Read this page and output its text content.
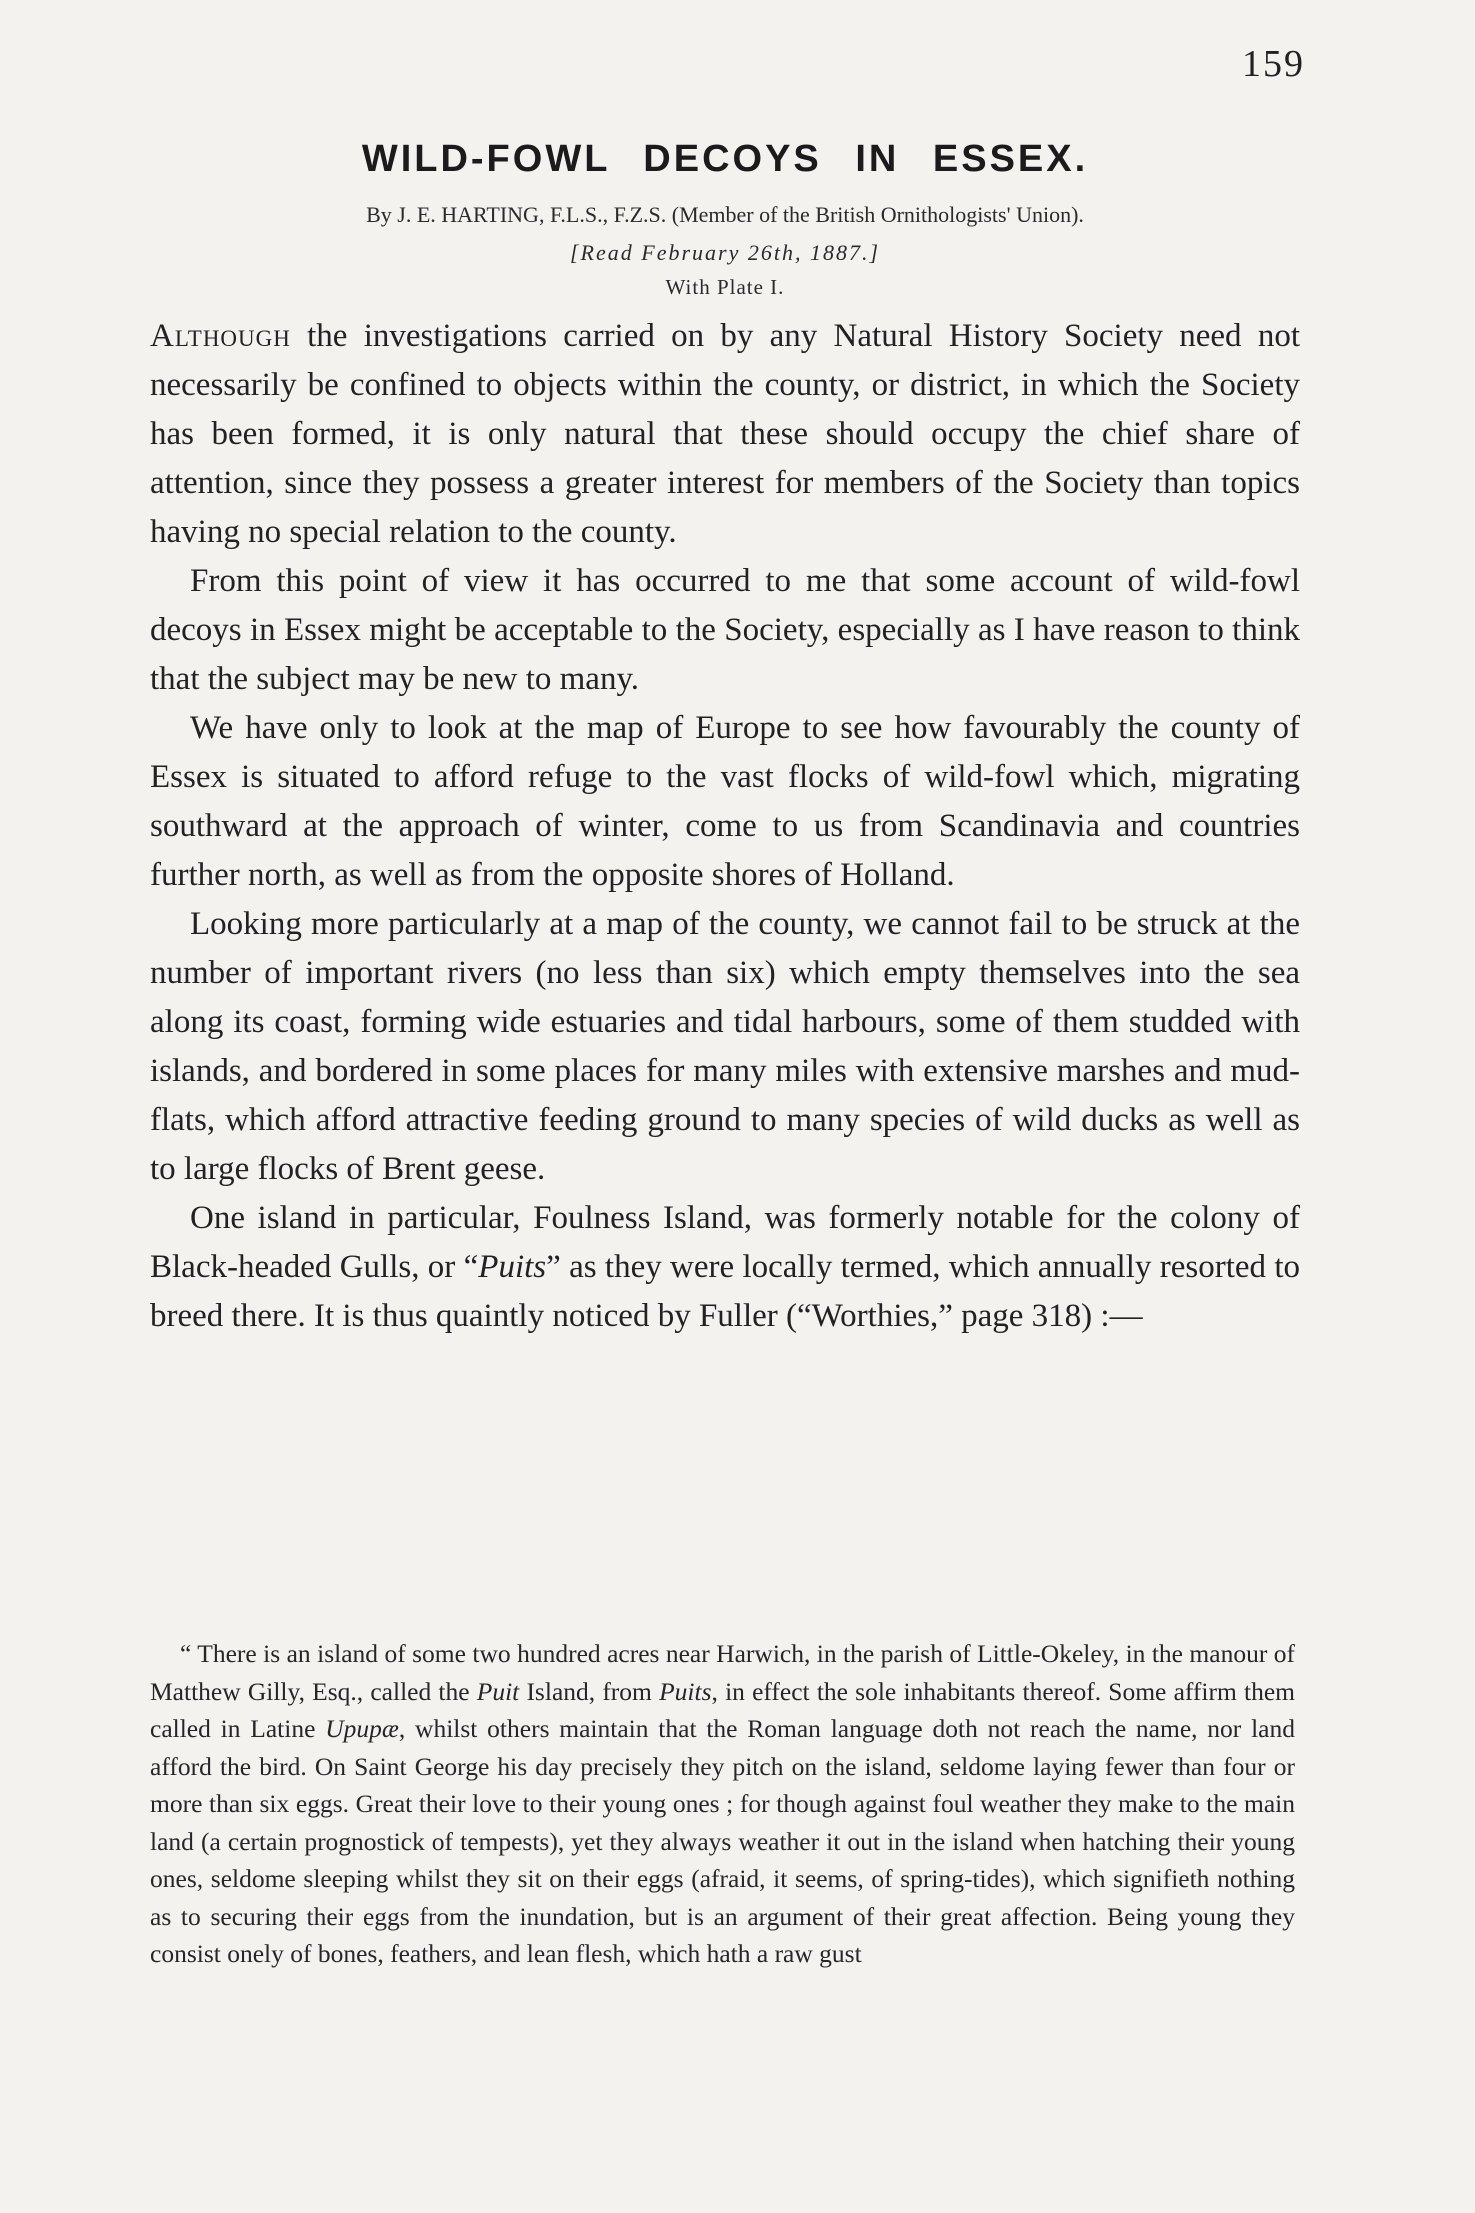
159
WILD-FOWL DECOYS IN ESSEX.
By J. E. HARTING, F.L.S., F.Z.S. (Member of the British Ornithologists' Union).
[Read February 26th, 1887.]
With Plate I.

Although the investigations carried on by any Natural History Society need not necessarily be confined to objects within the county, or district, in which the Society has been formed, it is only natural that these should occupy the chief share of attention, since they possess a greater interest for members of the Society than topics having no special relation to the county.

From this point of view it has occurred to me that some account of wild-fowl decoys in Essex might be acceptable to the Society, especially as I have reason to think that the subject may be new to many.

We have only to look at the map of Europe to see how favourably the county of Essex is situated to afford refuge to the vast flocks of wild-fowl which, migrating southward at the approach of winter, come to us from Scandinavia and countries further north, as well as from the opposite shores of Holland.

Looking more particularly at a map of the county, we cannot fail to be struck at the number of important rivers (no less than six) which empty themselves into the sea along its coast, forming wide estuaries and tidal harbours, some of them studded with islands, and bordered in some places for many miles with extensive marshes and mud-flats, which afford attractive feeding ground to many species of wild ducks as well as to large flocks of Brent geese.

One island in particular, Foulness Island, was formerly notable for the colony of Black-headed Gulls, or “Puits” as they were locally termed, which annually resorted to breed there. It is thus quaintly noticed by Fuller (“Worthies,” page 318) :—

“ There is an island of some two hundred acres near Harwich, in the parish of Little-Okeley, in the manour of Matthew Gilly, Esq., called the Puit Island, from Puits, in effect the sole inhabitants thereof. Some affirm them called in Latine Upupæ, whilst others maintain that the Roman language doth not reach the name, nor land afford the bird. On Saint George his day precisely they pitch on the island, seldome laying fewer than four or more than six eggs. Great their love to their young ones ; for though against foul weather they make to the main land (a certain prognostick of tempests), yet they always weather it out in the island when hatching their young ones, seldome sleeping whilst they sit on their eggs (afraid, it seems, of spring-tides), which signifieth nothing as to securing their eggs from the inundation, but is an argument of their great affection. Being young they consist onely of bones, feathers, and lean flesh, which hath a raw gust
